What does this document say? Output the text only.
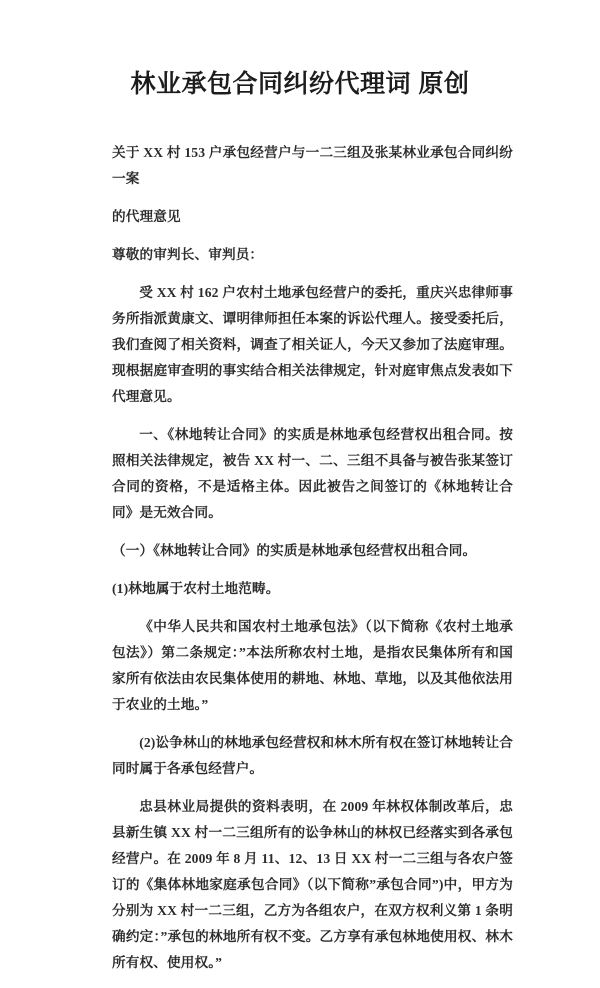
林业承包合同纠纷代理词 原创

关于 XX 村 153 户承包经营户与一二三组及张某林业承包合同纠纷一案

的代理意见

尊敬的审判长、审判员：

受 XX 村 162 户农村土地承包经营户的委托，重庆兴忠律师事务所指派黄康文、谭明律师担任本案的诉讼代理人。接受委托后，我们查阅了相关资料，调查了相关证人，今天又参加了法庭审理。现根据庭审查明的事实结合相关法律规定，针对庭审焦点发表如下代理意见。

一、《林地转让合同》的实质是林地承包经营权出租合同。按照相关法律规定，被告 XX 村一、二、三组不具备与被告张某签订合同的资格，不是适格主体。因此被告之间签订的《林地转让合同》是无效合同。

（一）《林地转让合同》的实质是林地承包经营权出租合同。

(1)林地属于农村土地范畴。

《中华人民共和国农村土地承包法》（以下简称《农村土地承包法》）第二条规定：”本法所称农村土地，是指农民集体所有和国家所有依法由农民集体使用的耕地、林地、草地，以及其他依法用于农业的土地。”

(2)讼争林山的林地承包经营权和林木所有权在签订林地转让合同时属于各承包经营户。

忠县林业局提供的资料表明，在 2009 年林权体制改革后，忠县新生镇 XX 村一二三组所有的讼争林山的林权已经落实到各承包经营户。在 2009 年 8 月 11、12、13 日 XX 村一二三组与各农户签订的《集体林地家庭承包合同》（以下简称”承包合同”)中，甲方为分别为 XX 村一二三组，乙方为各组农户，在双方权利义第 1 条明确约定：”承包的林地所有权不变。乙方享有承包林地使用权、林木所有权、使用权。”
